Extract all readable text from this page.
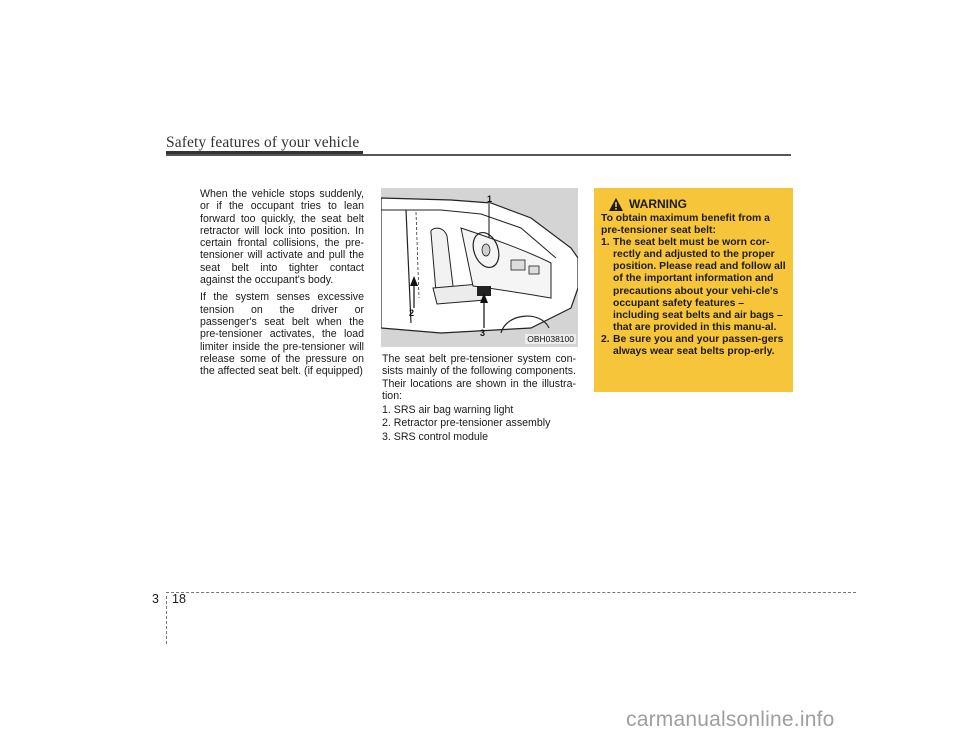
Safety features of your vehicle

When the vehicle stops suddenly, or if the occupant tries to lean forward too quickly, the seat belt retractor will lock into position. In certain frontal collisions, the pre-tensioner will activate and pull the seat belt into tighter contact against the occupant's body.

If the system senses excessive tension on the driver or passenger's seat belt when the pre-tensioner activates, the load limiter inside the pre-tensioner will release some of the pressure on the affected seat belt. (if equipped)

1
2
3
OBH038100

The seat belt pre-tensioner system con-sists mainly of the following components. Their locations are shown in the illustra-tion:

1. SRS air bag warning light
2. Retractor pre-tensioner assembly
3. SRS control module
WARNING
To obtain maximum benefit from a pre-tensioner seat belt:
1. The seat belt must be worn cor-rectly and adjusted to the proper position. Please read and follow all of the important information and precautions about your vehi-cle's occupant safety features – including seat belts and air bags – that are provided in this manu-al.
2. Be sure you and your passen-gers always wear seat belts prop-erly.
3 18
carmanualsonline.info
